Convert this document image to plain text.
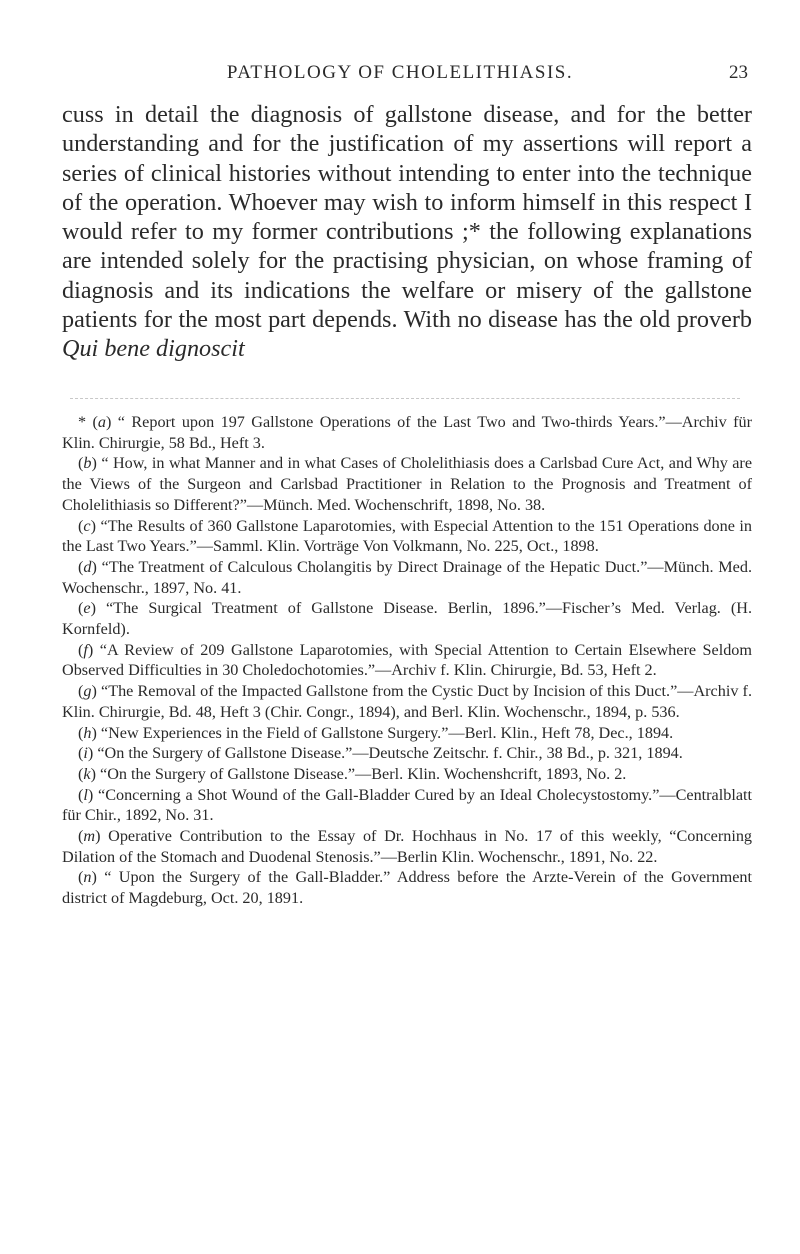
PATHOLOGY OF CHOLELITHIASIS.	23

cuss in detail the diagnosis of gallstone disease, and for the better understanding and for the justification of my assertions will report a series of clinical histories without intending to enter into the technique of the operation. Whoever may wish to inform himself in this respect I would refer to my former contributions ;* the following explanations are intended solely for the practising physician, on whose framing of diagnosis and its indications the welfare or misery of the gallstone patients for the most part depends. With no disease has the old proverb Qui bene dignoscit

* (a) “ Report upon 197 Gallstone Operations of the Last Two and Two-thirds Years.”—Archiv für Klin. Chirurgie, 58 Bd., Heft 3.

(b) “ How, in what Manner and in what Cases of Cholelithiasis does a Carlsbad Cure Act, and Why are the Views of the Surgeon and Carlsbad Practitioner in Relation to the Prognosis and Treatment of Cholelithiasis so Different?”—Münch. Med. Wochenschrift, 1898, No. 38.

(c) “The Results of 360 Gallstone Laparotomies, with Especial Attention to the 151 Operations done in the Last Two Years.”—Samml. Klin. Vorträge Von Volkmann, No. 225, Oct., 1898.

(d) “The Treatment of Calculous Cholangitis by Direct Drainage of the Hepatic Duct.”—Münch. Med. Wochenschr., 1897, No. 41.

(e) “The Surgical Treatment of Gallstone Disease. Berlin, 1896.”—Fischer’s Med. Verlag. (H. Kornfeld).

(f) “A Review of 209 Gallstone Laparotomies, with Special Attention to Certain Elsewhere Seldom Observed Difficulties in 30 Choledochotomies.”—Archiv f. Klin. Chirurgie, Bd. 53, Heft 2.

(g) “The Removal of the Impacted Gallstone from the Cystic Duct by Incision of this Duct.”—Archiv f. Klin. Chirurgie, Bd. 48, Heft 3 (Chir. Congr., 1894), and Berl. Klin. Wochenschr., 1894, p. 536.

(h) “New Experiences in the Field of Gallstone Surgery.”—Berl. Klin., Heft 78, Dec., 1894.

(i) “On the Surgery of Gallstone Disease.”—Deutsche Zeitschr. f. Chir., 38 Bd., p. 321, 1894.

(k) “On the Surgery of Gallstone Disease.”—Berl. Klin. Wochenshcrift, 1893, No. 2.

(l) “Concerning a Shot Wound of the Gall-Bladder Cured by an Ideal Cholecystostomy.”—Centralblatt für Chir., 1892, No. 31.

(m) Operative Contribution to the Essay of Dr. Hochhaus in No. 17 of this weekly, “Concerning Dilation of the Stomach and Duodenal Stenosis.”—Berlin Klin. Wochenschr., 1891, No. 22.

(n) “ Upon the Surgery of the Gall-Bladder.” Address before the Arzte-Verein of the Government district of Magdeburg, Oct. 20, 1891.
